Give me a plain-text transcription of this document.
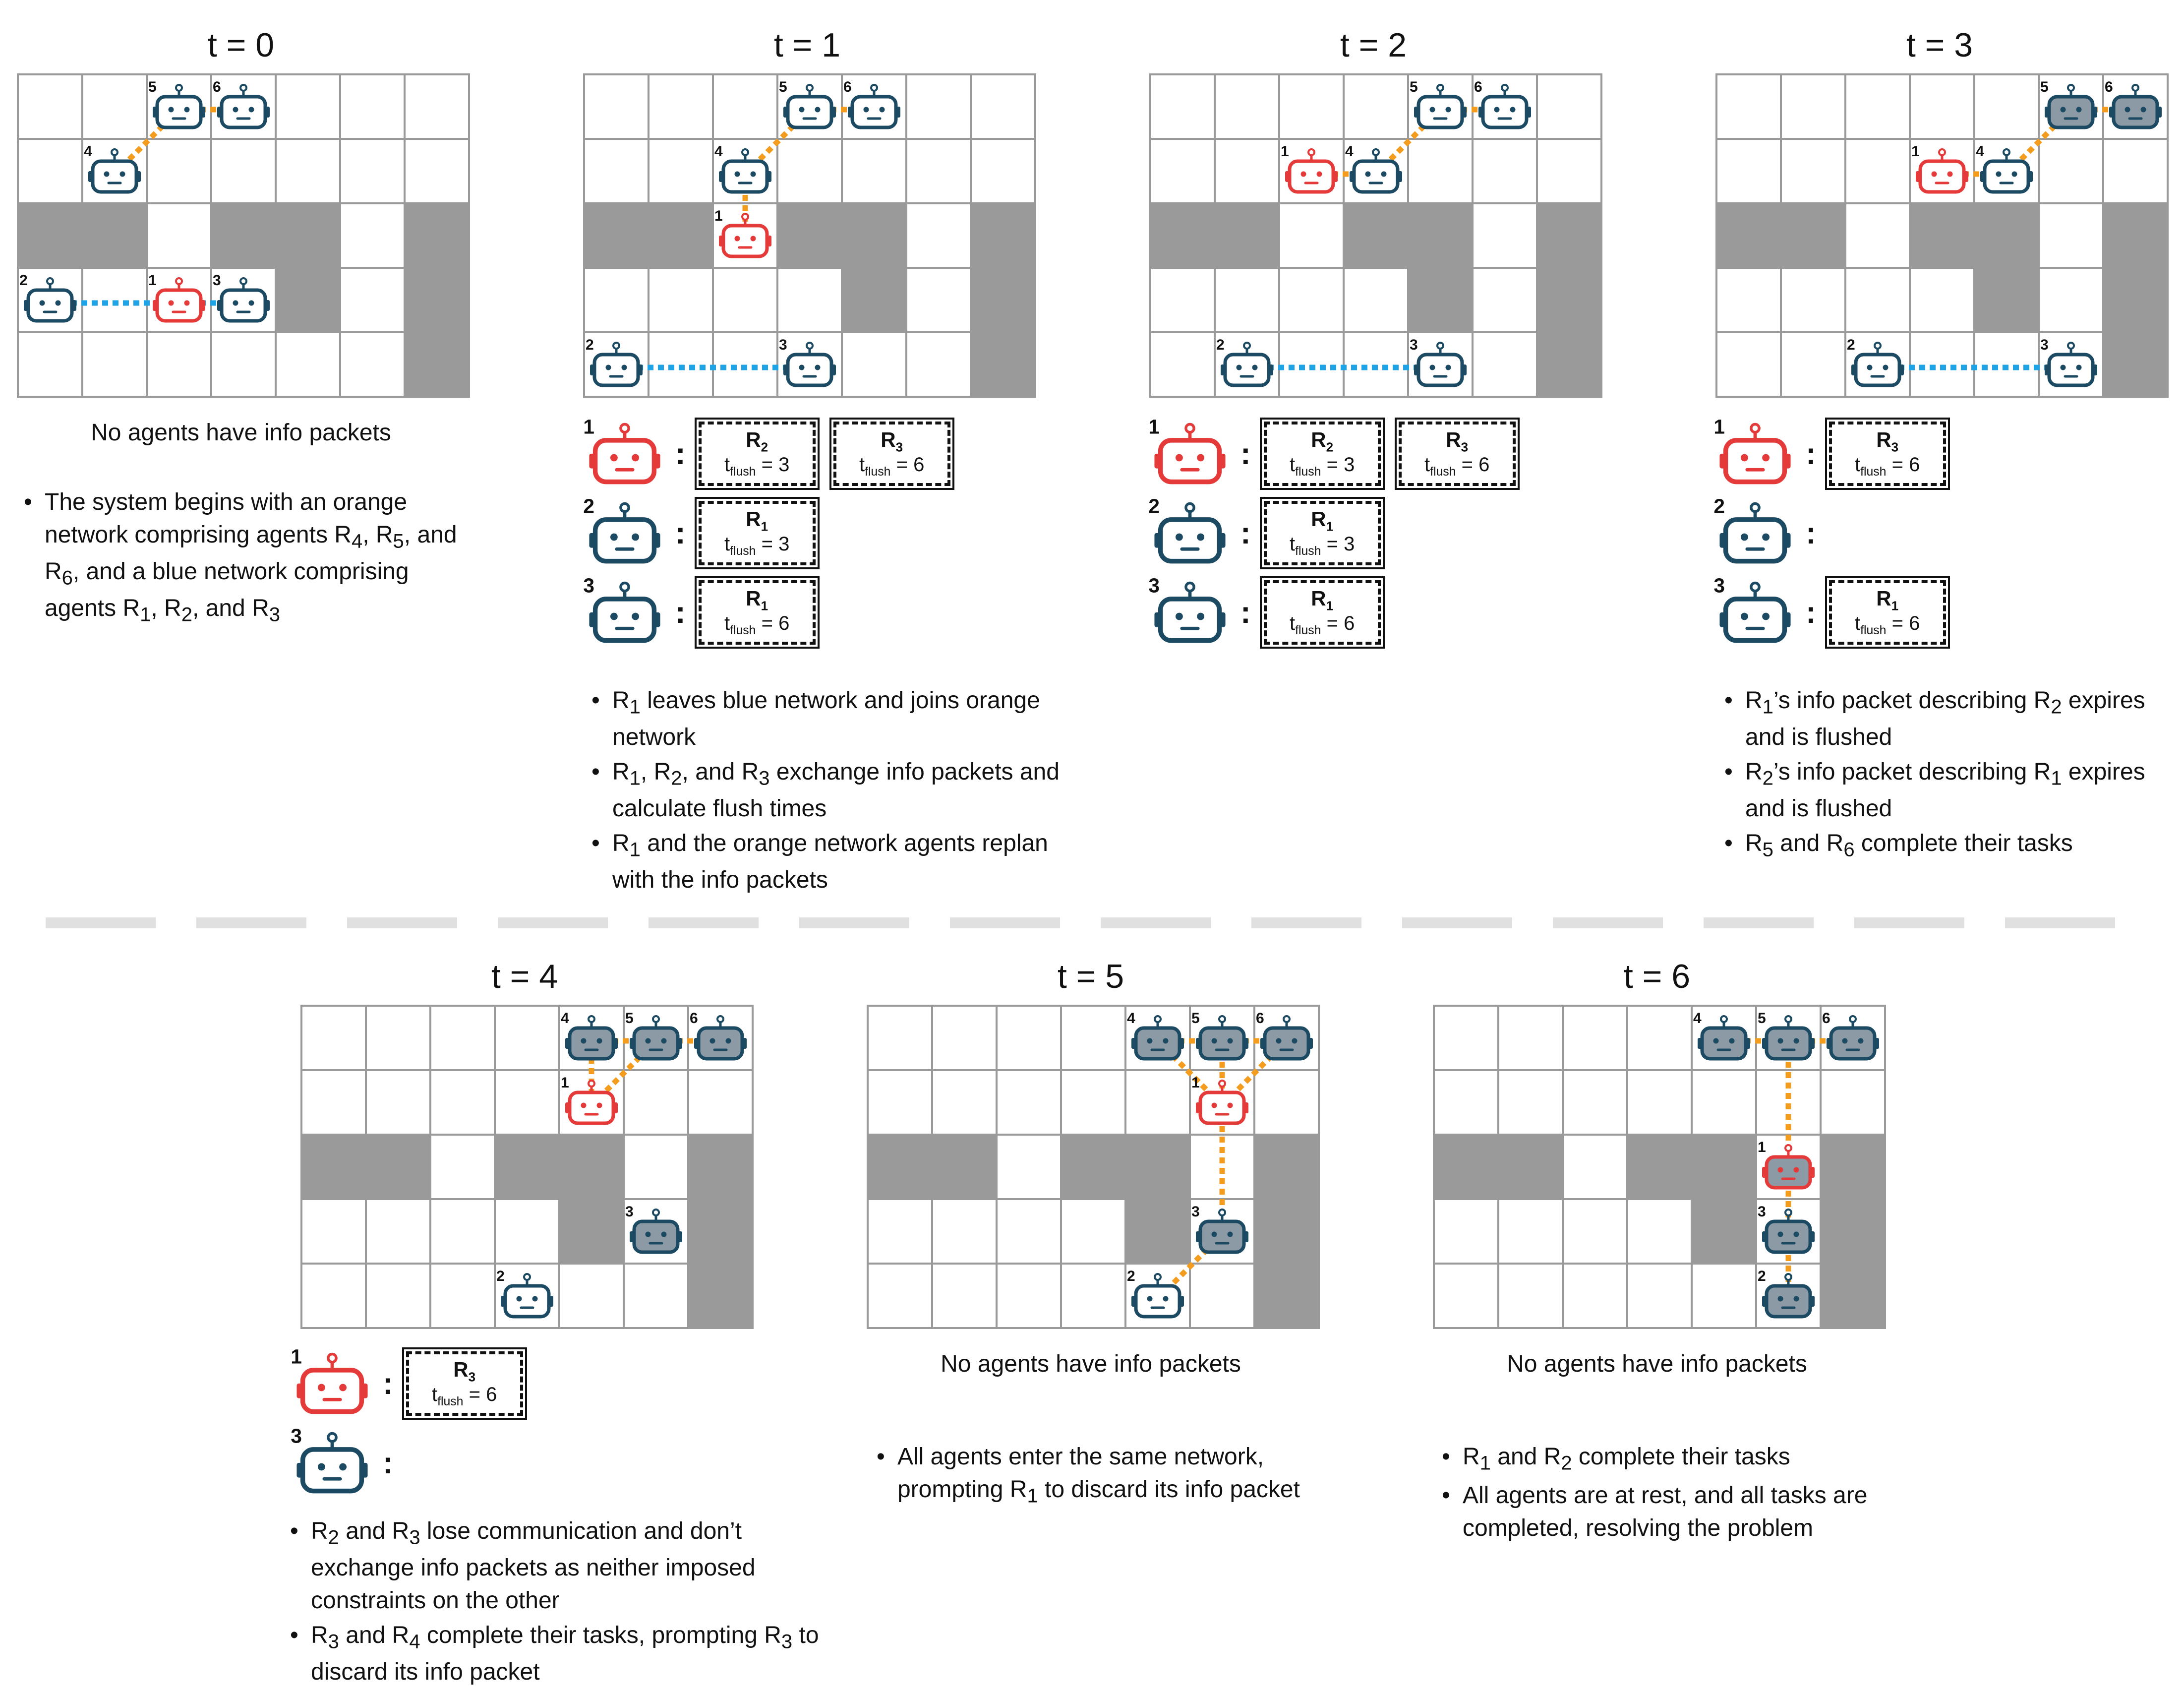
t = 0
5	6
4
2	1	3
No agents have info packets
• The system begins with an orange network comprising agents $R_4$, $R_5$, and $R_6$, and a blue network comprising agents $R_1$, $R_2$, and $R_3$
t = 1
5	6
4
1
2	3
1
:	$R_2$
$t_{flush} = 3$
$R_3$
$t_{flush} = 6$
2
:	$R_1$
$t_{flush} = 3$
3
:	$R_1$
$t_{flush} = 6$
• $R_1$ leaves blue network and joins orange network
• $R_1$, $R_2$, and $R_3$ exchange info packets and calculate flush times
• $R_1$ and the orange network agents replan with the info packets
t = 2
5	6
1	4
2	3
1
:	$R_2$
$t_{flush} = 3$
$R_3$
$t_{flush} = 6$
2
:	$R_1$
$t_{flush} = 3$
3
:	$R_1$
$t_{flush} = 6$
t = 3
5	6
1	4
2	3
1
:	$R_3$
$t_{flush} = 6$
2
:
3
:	$R_1$
$t_{flush} = 6$
• $R_1’s$ info packet describing $R_2$ expires and is flushed
• $R_2’s$ info packet describing $R_1$ expires and is flushed
• $R_5$ and $R_6$ complete their tasks
t = 4
4	5	6
1
3
2
1
:	$R_3$
$t_{flush} = 6$
3
:
• $R_2$ and $R_3$ lose communication and don’t exchange info packets as neither imposed constraints on the other
• $R_3$ and $R_4$ complete their tasks, prompting $R_3$ to discard its info packet
t = 5
4	5	6
1
3
2
No agents have info packets
• All agents enter the same network, prompting $R_1$ to discard its info packet
t = 6
4	5	6
1
3
2
No agents have info packets
• $R_1$ and $R_2$ complete their tasks
• All agents are at rest, and all tasks are completed, resolving the problem
